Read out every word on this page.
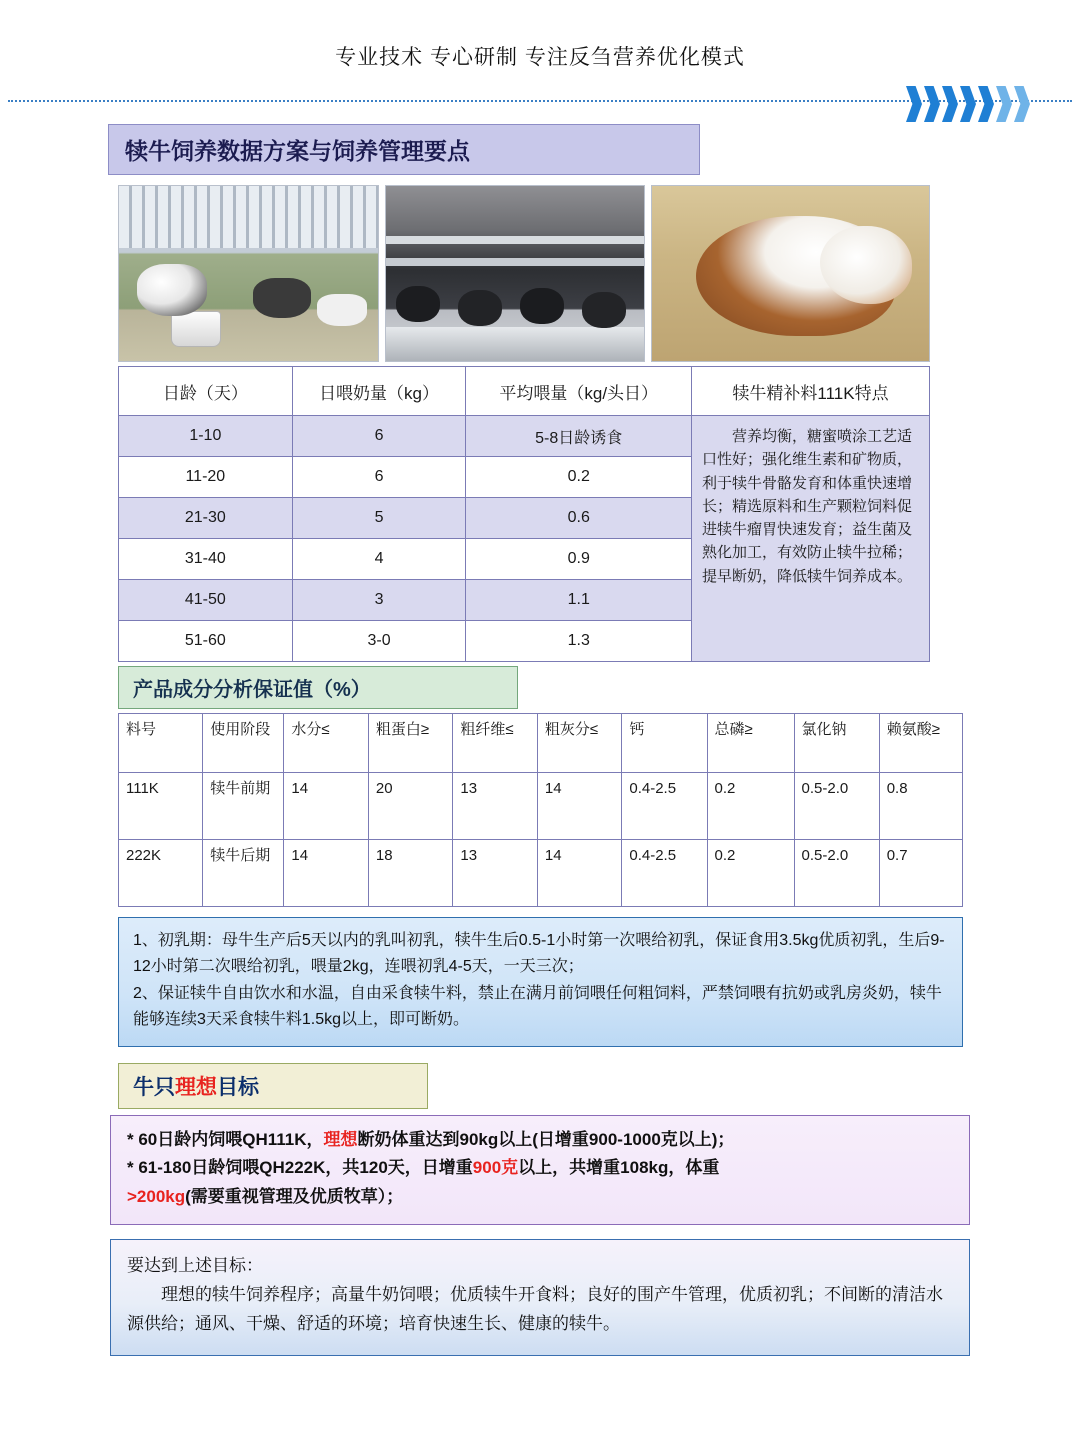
专业技术 专心研制 专注反刍营养优化模式
犊牛饲养数据方案与饲养管理要点
日龄（天）	日喂奶量（kg）	平均喂量（kg/头日）	犊牛精补料111K特点
1-10	6	5-8日龄诱食	营养均衡，糖蜜喷涂工艺适口性好；强化维生素和矿物质，利于犊牛骨骼发育和体重快速增长；精选原料和生产颗粒饲料促进犊牛瘤胃快速发育；益生菌及熟化加工，有效防止犊牛拉稀；提早断奶，降低犊牛饲养成本。
11-20	6	0.2	
21-30	5	0.6	
31-40	4	0.9	
41-50	3	1.1	
51-60	3-0	1.3	
产品成分分析保证值（%）
料号	使用阶段	水分≤	粗蛋白≥	粗纤维≤	粗灰分≤	钙	总磷≥	氯化钠	赖氨酸≥
111K	犊牛前期	14	20	13	14	0.4-2.5	0.2	0.5-2.0	0.8
222K	犊牛后期	14	18	13	14	0.4-2.5	0.2	0.5-2.0	0.7
1、初乳期：母牛生产后5天以内的乳叫初乳，犊牛生后0.5-1小时第一次喂给初乳，保证食用3.5kg优质初乳，生后9-12小时第二次喂给初乳，喂量2kg，连喂初乳4-5天，一天三次；
2、保证犊牛自由饮水和水温，自由采食犊牛料，禁止在满月前饲喂任何粗饲料，严禁饲喂有抗奶或乳房炎奶，犊牛能够连续3天采食犊牛料1.5kg以上，即可断奶。
牛只理想目标
* 60日龄内饲喂QH111K，理想断奶体重达到90kg以上(日增重900-1000克以上)；
* 61-180日龄饲喂QH222K，共120天，日增重900克以上，共增重108kg，体重
>200kg(需要重视管理及优质牧草）；
要达到上述目标：
理想的犊牛饲养程序；高量牛奶饲喂；优质犊牛开食料；良好的围产牛管理，优质初乳；不间断的清洁水源供给；通风、干燥、舒适的环境；培育快速生长、健康的犊牛。
